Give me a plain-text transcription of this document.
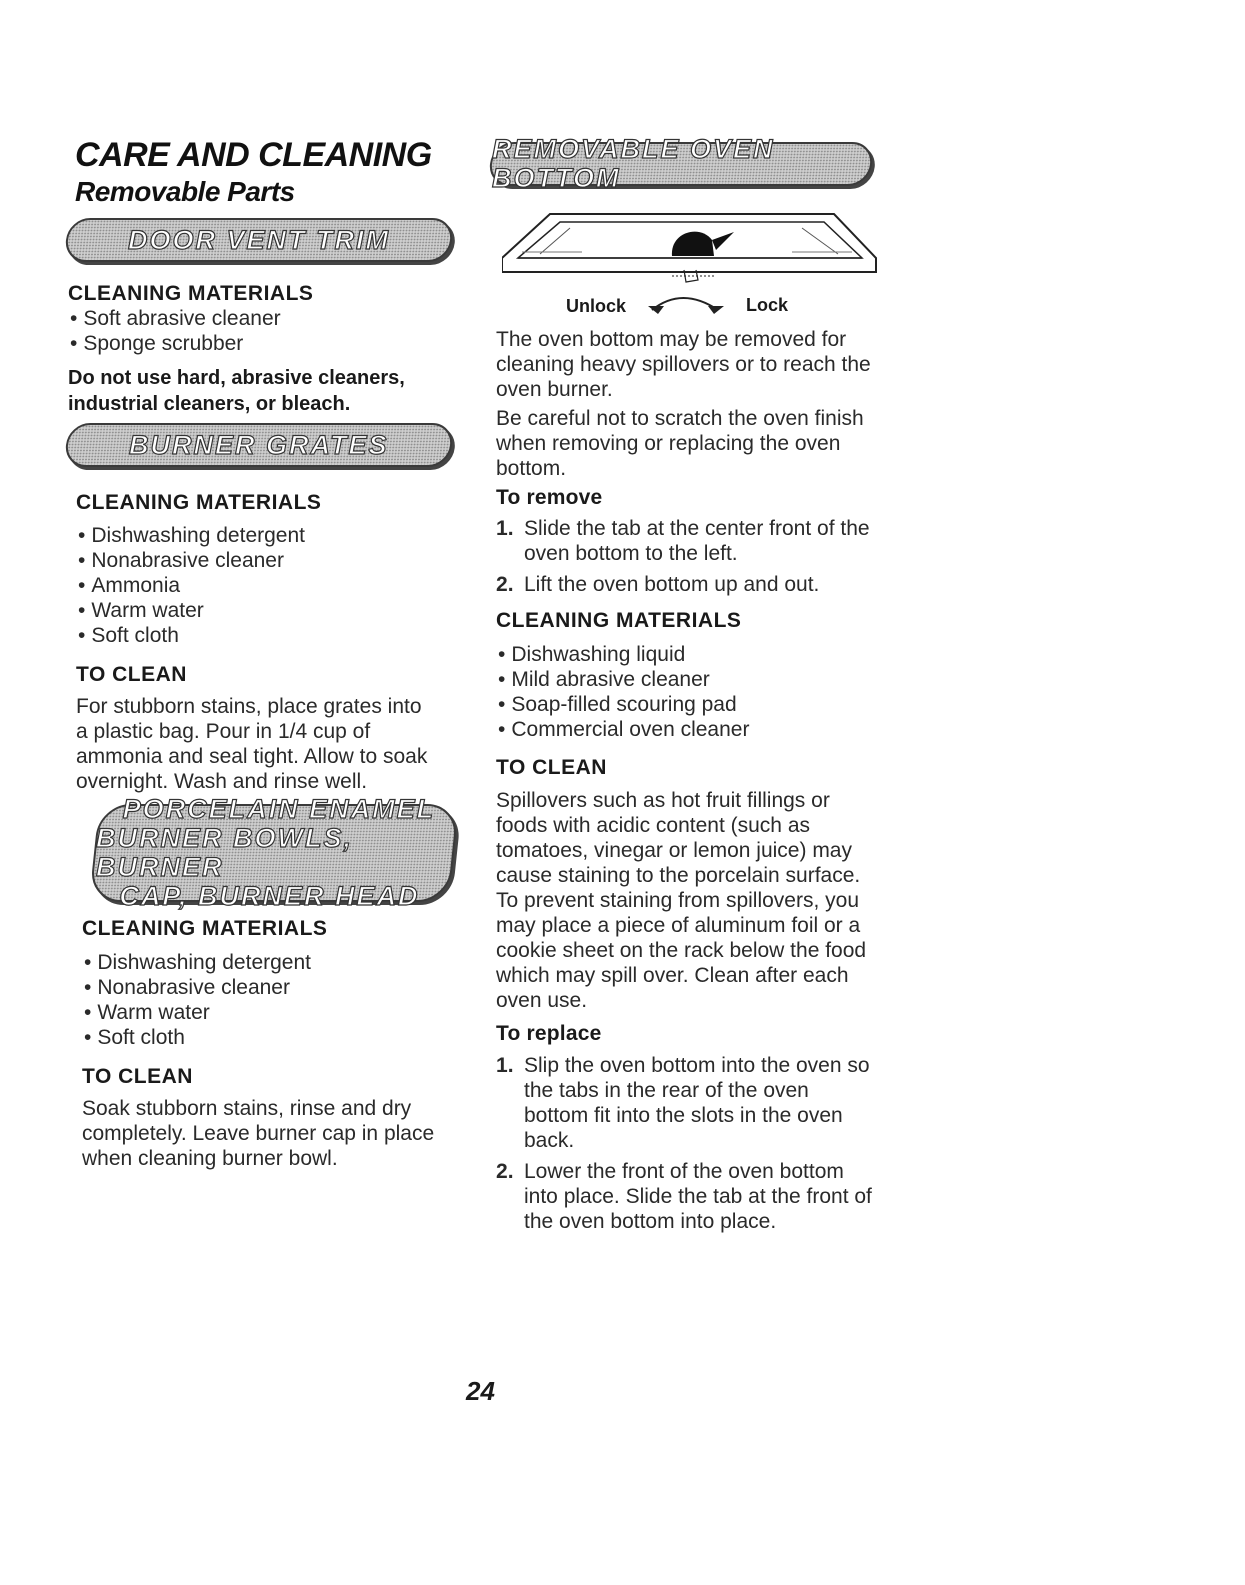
CARE AND CLEANING
Removable Parts
DOOR VENT TRIM
CLEANING MATERIALS
• Soft abrasive cleaner
• Sponge scrubber
Do not use hard, abrasive cleaners, industrial cleaners, or bleach.
BURNER GRATES
CLEANING MATERIALS
• Dishwashing detergent
• Nonabrasive cleaner
• Ammonia
• Warm water
• Soft cloth
TO CLEAN

For stubborn stains, place grates into a plastic bag. Pour in 1/4 cup of ammonia and seal tight. Allow to soak overnight. Wash and rinse well.

PORCELAIN ENAMEL
BURNER BOWLS, BURNER
CAP, BURNER HEAD
CLEANING MATERIALS
• Dishwashing detergent
• Nonabrasive cleaner
• Warm water
• Soft cloth
TO CLEAN

Soak stubborn stains, rinse and dry completely. Leave burner cap in place when cleaning burner bowl.

REMOVABLE OVEN BOTTOM
Unlock	Lock

The oven bottom may be removed for cleaning heavy spillovers or to reach the oven burner.

Be careful not to scratch the oven finish when removing or replacing the oven bottom.

To remove
1 . Slide the tab at the center front of the oven bottom to the left.
2 . Lift the oven bottom up and out.
CLEANING MATERIALS
• Dishwashing liquid
• Mild abrasive cleaner
• Soap-filled scouring pad
• Commercial oven cleaner
TO CLEAN

Spillovers such as hot fruit fillings or foods with acidic content (such as tomatoes, vinegar or lemon juice) may cause staining to the porcelain surface. To prevent staining from spillovers, you may place a piece of aluminum foil or a cookie sheet on the rack below the food which may spill over. Clean after each oven use.

To replace
1 . Slip the oven bottom into the oven so the tabs in the rear of the oven bottom fit into the slots in the oven back.
2 . Lower the front of the oven bottom into place. Slide the tab at the front of the oven bottom into place.
24
